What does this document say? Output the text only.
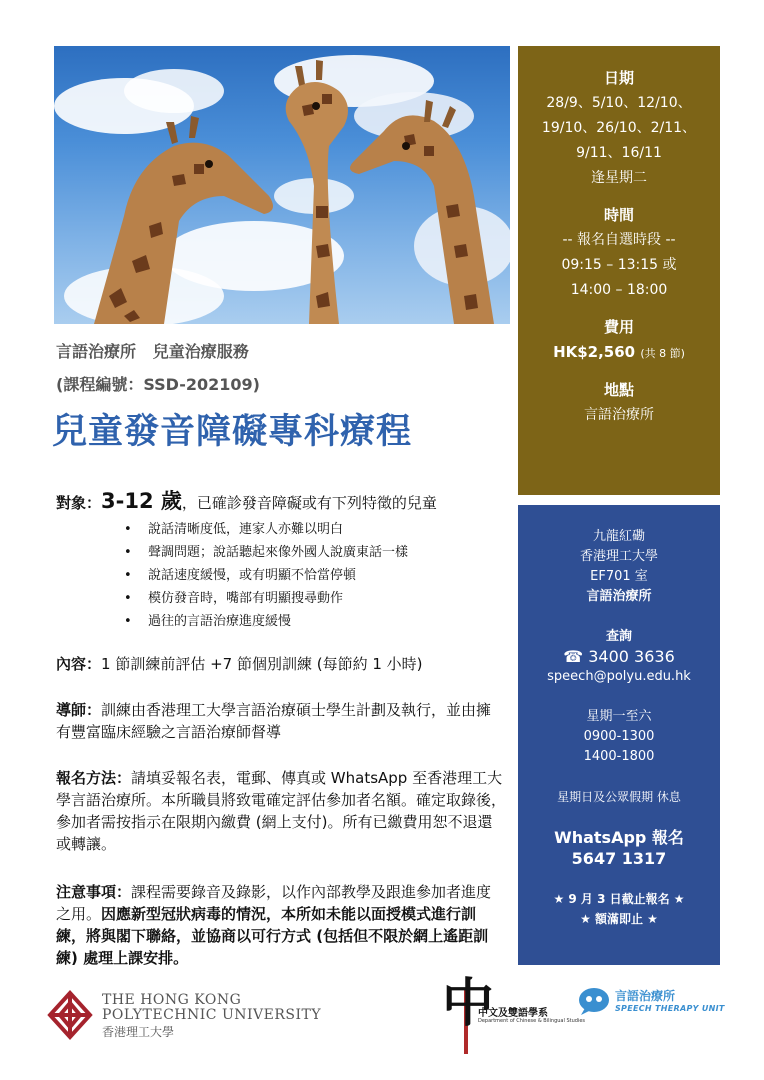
言語治療所   兒童治療服務
(課程編號：SSD-202109)
兒童發音障礙專科療程
對象：3-12 歲，已確診發音障礙或有下列特徵的兒童
• 說話清晰度低，連家人亦難以明白
• 聲調問題；說話聽起來像外國人說廣東話一樣
• 說話速度緩慢，或有明顯不恰當停頓
• 模仿發音時，嘴部有明顯搜尋動作
• 過往的言語治療進度緩慢
內容：1 節訓練前評估 +7 節個別訓練 (每節約 1 小時)
導師：訓練由香港理工大學言語治療碩士學生計劃及執行，並由擁有豐富臨床經驗之言語治療師督導
報名方法：請填妥報名表，電郵、傳真或 WhatsApp 至香港理工大學言語治療所。本所職員將致電確定評估參加者名額。確定取錄後，參加者需按指示在限期內繳費 (網上支付)。所有已繳費用恕不退還或轉讓。
注意事項：課程需要錄音及錄影，以作內部教學及跟進參加者進度之用。因應新型冠狀病毒的情況，本所如未能以面授模式進行訓練，將與閣下聯絡，並協商以可行方式 (包括但不限於網上遙距訓練) 處理上課安排。
日期
28/9、5/10、12/10、
19/10、26/10、2/11、
9/11、16/11
逢星期二
時間
-- 報名自選時段 --
09:15 – 13:15 或
14:00 – 18:00
費用
HK$2,560 (共 8 節)
地點
言語治療所
九龍紅磡
香港理工大學
EF701 室
言語治療所
查詢
☎ 3400 3636
speech@polyu.edu.hk
星期一至六
0900-1300
1400-1800
星期日及公眾假期 休息
WhatsApp 報名
5647 1317
★ 9 月 3 日截止報名 ★
★ 額滿即止 ★
THE HONG KONG
POLYTECHNIC UNIVERSITY
香港理工大學	中
中文及雙語學系
Department of Chinese & Bilingual Studies
言語治療所
SPEECH THERAPY UNIT
